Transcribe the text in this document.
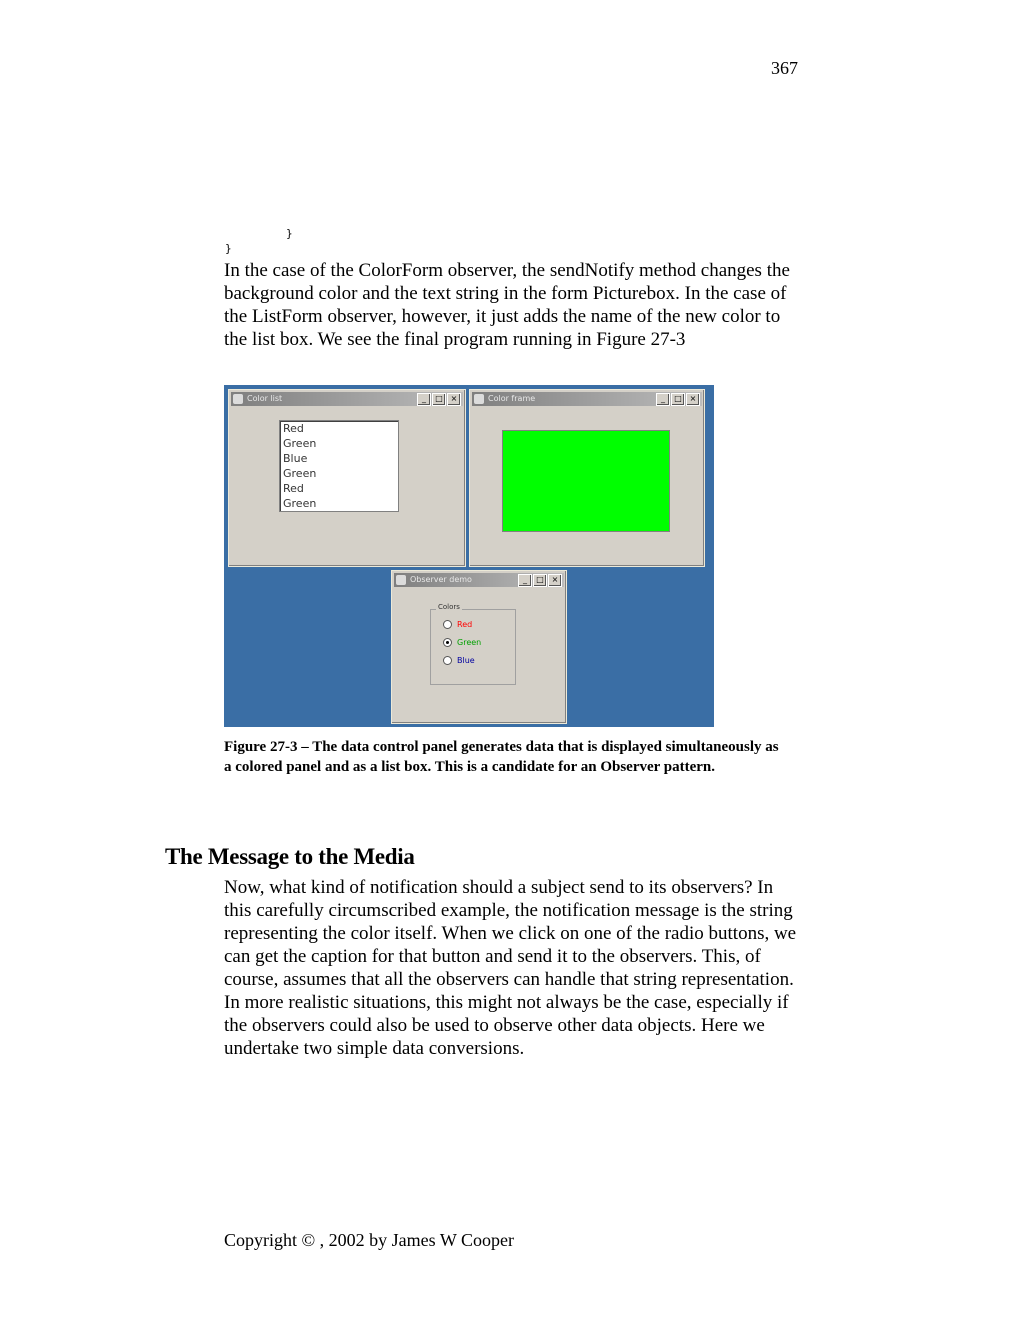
367
}
}
In the case of the ColorForm observer, the sendNotify method changes the background color and the text string in the form Picturebox. In the case of the ListForm observer, however, it just adds the name of the new color to the list box. We see the final program running in Figure 27-3
Color list	_	□ ×
Red
Green
Blue
Green
Red
Green
Color frame	_	□ ×
Observer demo	_	□ ×
Colors
Red
Green
Blue
Figure 27-3 – The data control panel generates data that is displayed simultaneously as a colored panel and as a list box. This is a candidate for an Observer pattern.
The Message to the Media
Now, what kind of notification should a subject send to its observers? In this carefully circumscribed example, the notification message is the string representing the color itself. When we click on one of the radio buttons, we can get the caption for that button and send it to the observers. This, of course, assumes that all the observers can handle that string representation. In more realistic situations, this might not always be the case, especially if the observers could also be used to observe other data objects. Here we undertake two simple data conversions.
Copyright © , 2002 by James W Cooper
